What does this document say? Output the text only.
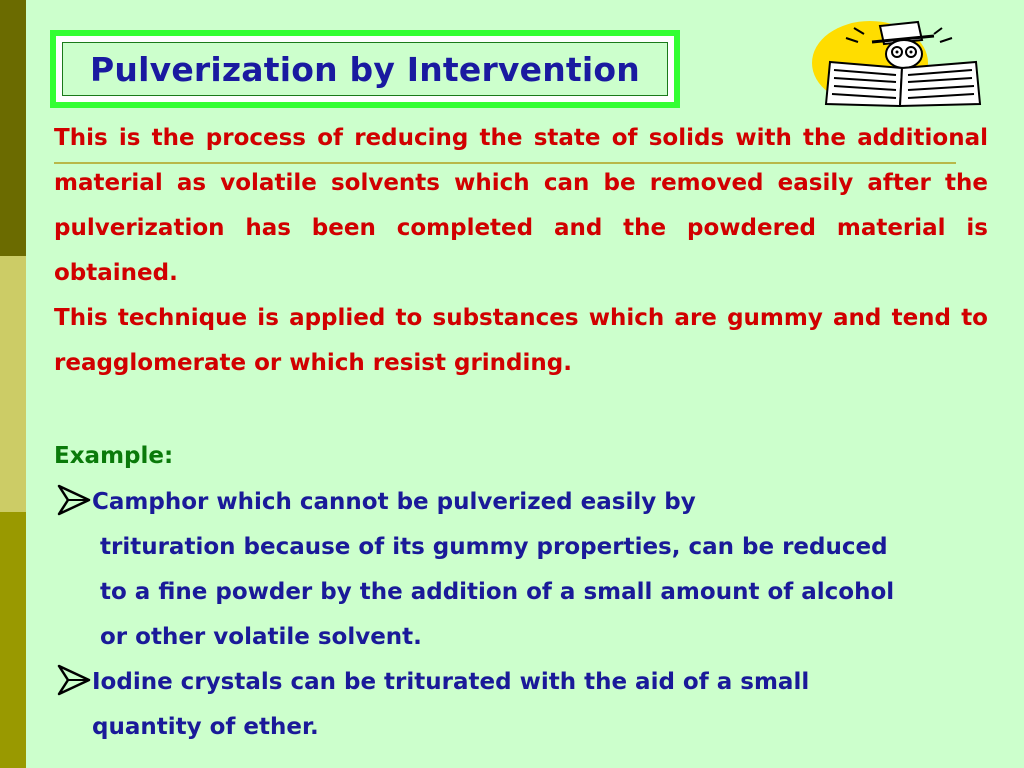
Pulverization by Intervention
This is the process of reducing the state of solids with the additional material as volatile solvents which can be removed easily after the pulverization has been completed and the powdered material is obtained.
This technique is applied to substances which are gummy and tend to reagglomerate or which resist grinding.
Example:
Camphor which cannot be pulverized easily by
trituration because of its gummy properties, can be reduced to a fine powder by the addition of a small amount of alcohol or other volatile solvent.
Iodine crystals can be triturated with the aid of a small
quantity of ether.
